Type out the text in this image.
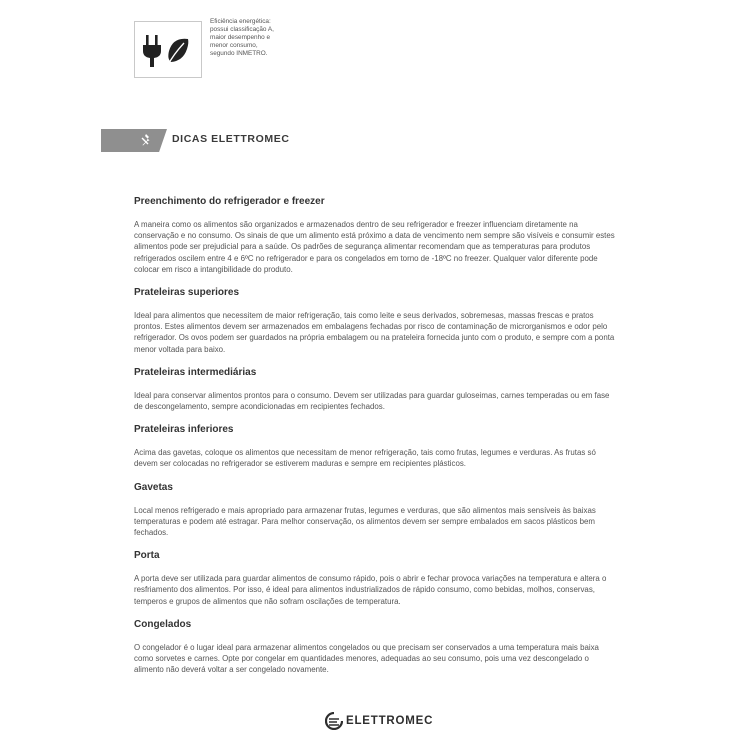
Eficiência energética: possui classificação A, maior desempenho e menor consumo, segundo INMETRO.
DICAS ELETTROMEC
Preenchimento do refrigerador e freezer
A maneira como os alimentos são organizados e armazenados dentro de seu refrigerador e freezer influenciam diretamente na conservação e no consumo. Os sinais de que um alimento está próximo a data de vencimento nem sempre são visíveis e consumir estes alimentos pode ser prejudicial para a saúde. Os padrões de segurança alimentar recomendam que as temperaturas para produtos refrigerados oscilem entre 4 e 6ºC no refrigerador e para os congelados em torno de -18ºC no freezer. Qualquer valor diferente pode colocar em risco a intangibilidade do produto.
Prateleiras superiores
Ideal para alimentos que necessitem de maior refrigeração, tais como leite e seus derivados, sobremesas, massas frescas e pratos prontos. Estes alimentos devem ser armazenados em embalagens fechadas por risco de contaminação de microrganismos e odor pelo refrigerador. Os ovos podem ser guardados na própria embalagem ou na prateleira fornecida junto com o produto, e sempre com a ponta menor voltada para baixo.
Prateleiras intermediárias
Ideal para conservar alimentos prontos para o consumo. Devem ser utilizadas para guardar guloseimas, carnes temperadas ou em fase de descongelamento, sempre acondicionadas em recipientes fechados.
Prateleiras inferiores
Acima das gavetas, coloque os alimentos que necessitam de menor refrigeração, tais como frutas, legumes e verduras. As frutas só devem ser colocadas no refrigerador se estiverem maduras e sempre em recipientes plásticos.
Gavetas
Local menos refrigerado e mais apropriado para armazenar frutas, legumes e verduras, que são alimentos mais sensíveis às baixas temperaturas e podem até estragar. Para melhor conservação, os alimentos devem ser sempre embalados em sacos plásticos bem fechados.
Porta
A porta deve ser utilizada para guardar alimentos de consumo rápido, pois o abrir e fechar provoca variações na temperatura e altera o resfriamento dos alimentos. Por isso, é ideal para alimentos industrializados de rápido consumo, como bebidas, molhos, conservas, temperos e grupos de alimentos que não sofram oscilações de temperatura.
Congelados
O congelador é o lugar ideal para armazenar alimentos congelados ou que precisam ser conservados a uma temperatura mais baixa como sorvetes e carnes. Opte por congelar em quantidades menores, adequadas ao seu consumo, pois uma vez descongelado o alimento não deverá voltar a ser congelado novamente.
ELETTROMEC
